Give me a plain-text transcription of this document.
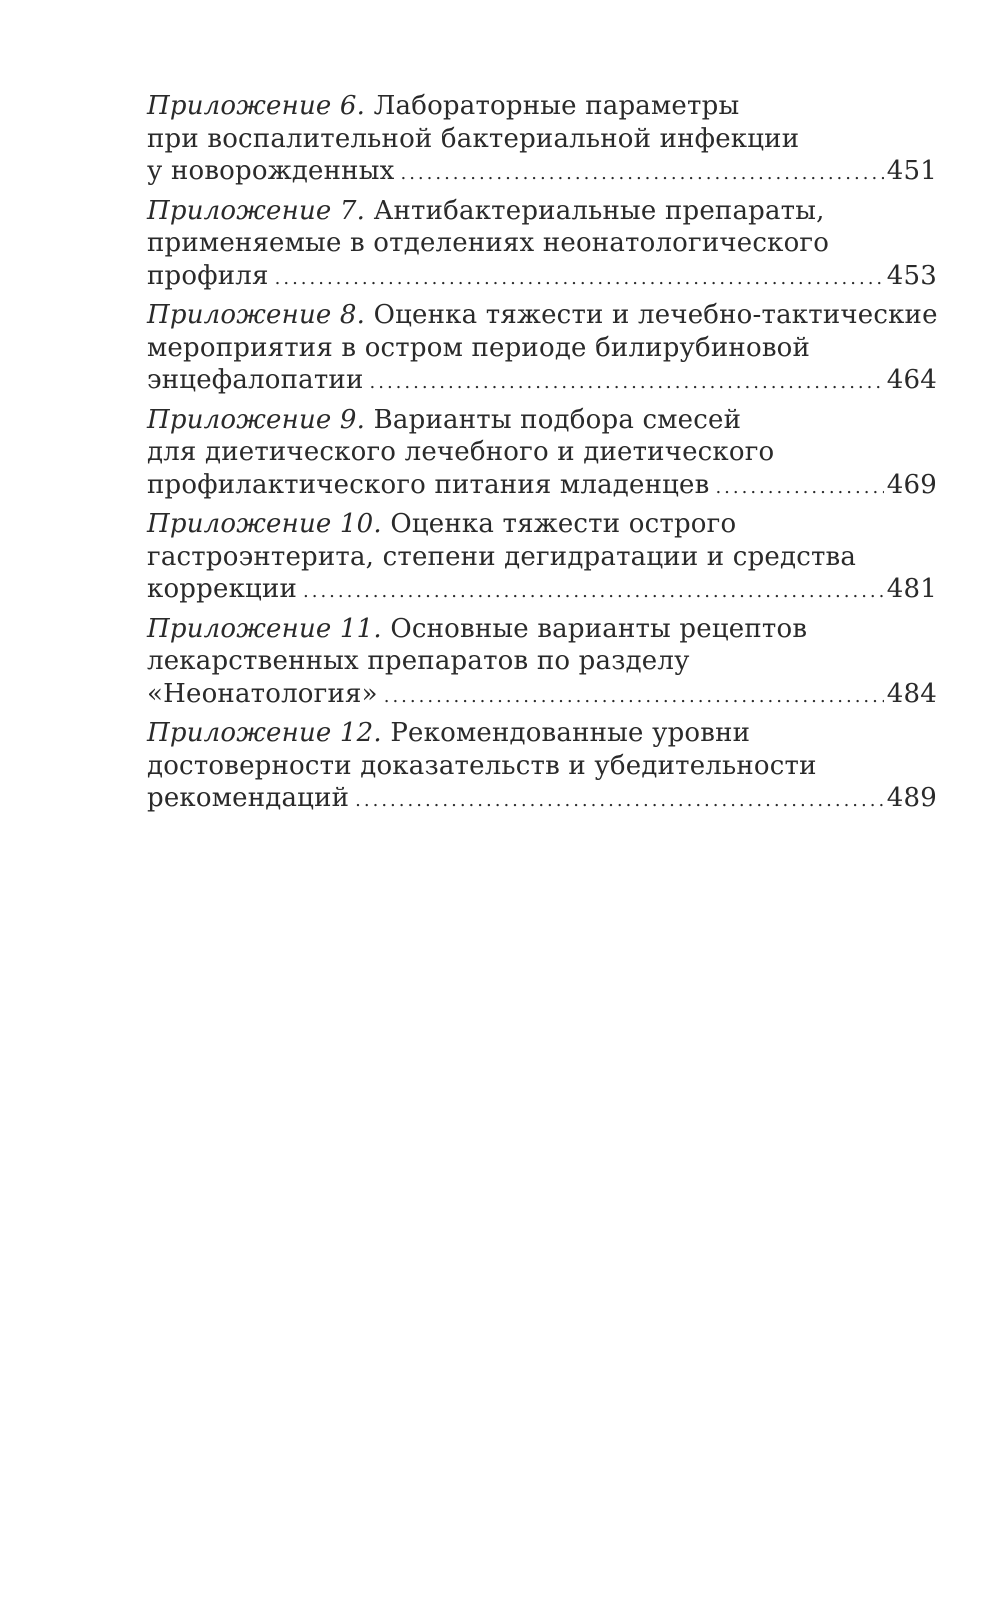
Приложение 6. Лабораторные параметры
при воспалительной бактериальной инфекции
у новорожденных .....	451
Приложение 7. Антибактериальные препараты,
применяемые в отделениях неонатологического
профиля .....	453
Приложение 8. Оценка тяжести и лечебно-тактические
мероприятия в остром периоде билирубиновой
энцефалопатии .....	464
Приложение 9. Варианты подбора смесей
для диетического лечебного и диетического
профилактического питания младенцев .....	469
Приложение 10. Оценка тяжести острого
гастроэнтерита, степени дегидратации и средства
коррекции .....	481
Приложение 11. Основные варианты рецептов
лекарственных препаратов по разделу
«Неонатология» .....	484
Приложение 12. Рекомендованные уровни
достоверности доказательств и убедительности
рекомендаций .....	489
